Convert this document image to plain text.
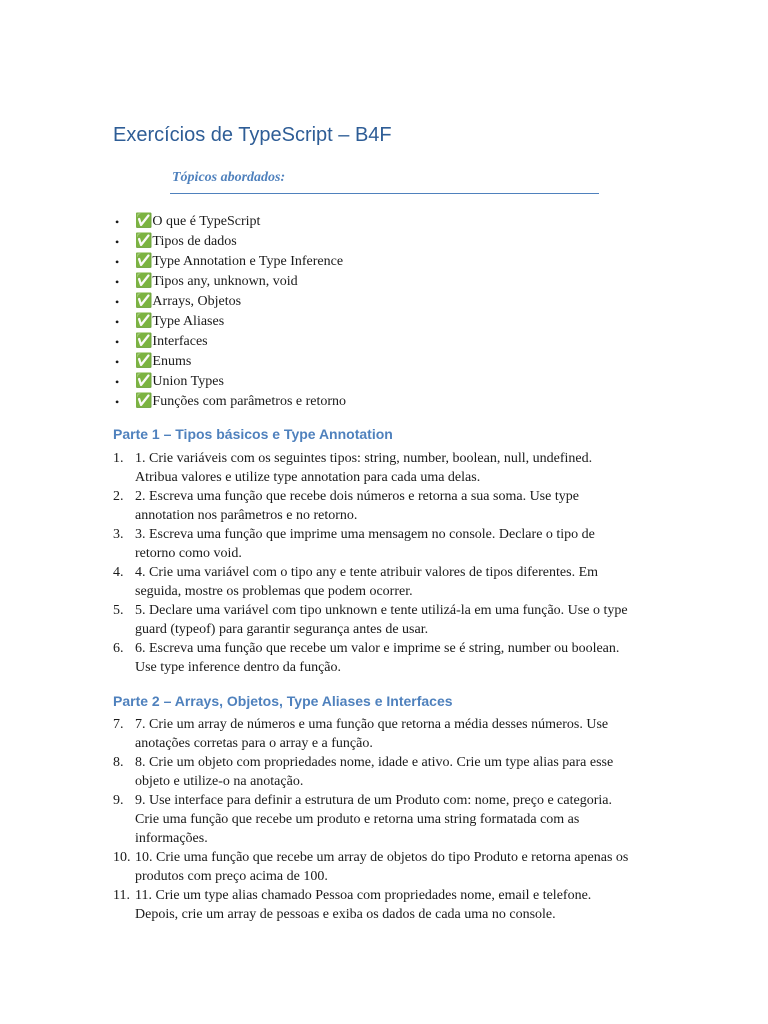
Exercícios de TypeScript – B4F
Tópicos abordados:
• ✅O que é TypeScript
• ✅Tipos de dados
• ✅Type Annotation e Type Inference
• ✅Tipos any, unknown, void
• ✅Arrays, Objetos
• ✅Type Aliases
• ✅Interfaces
• ✅Enums
• ✅Union Types
• ✅Funções com parâmetros e retorno
Parte 1 – Tipos básicos e Type Annotation
1. 1. Crie variáveis com os seguintes tipos: string, number, boolean, null, undefined.
Atribua valores e utilize type annotation para cada uma delas.
2. 2. Escreva uma função que recebe dois números e retorna a sua soma. Use type
annotation nos parâmetros e no retorno.
3. 3. Escreva uma função que imprime uma mensagem no console. Declare o tipo de
retorno como void.
4. 4. Crie uma variável com o tipo any e tente atribuir valores de tipos diferentes. Em
seguida, mostre os problemas que podem ocorrer.
5. 5. Declare uma variável com tipo unknown e tente utilizá-la em uma função. Use o type
guard (typeof) para garantir segurança antes de usar.
6. 6. Escreva uma função que recebe um valor e imprime se é string, number ou boolean.
Use type inference dentro da função.
Parte 2 – Arrays, Objetos, Type Aliases e Interfaces
7. 7. Crie um array de números e uma função que retorna a média desses números. Use
anotações corretas para o array e a função.
8. 8. Crie um objeto com propriedades nome, idade e ativo. Crie um type alias para esse
objeto e utilize-o na anotação.
9. 9. Use interface para definir a estrutura de um Produto com: nome, preço e categoria.
Crie uma função que recebe um produto e retorna uma string formatada com as
informações.
10. 10. Crie uma função que recebe um array de objetos do tipo Produto e retorna apenas os
produtos com preço acima de 100.
11. 11. Crie um type alias chamado Pessoa com propriedades nome, email e telefone.
Depois, crie um array de pessoas e exiba os dados de cada uma no console.
